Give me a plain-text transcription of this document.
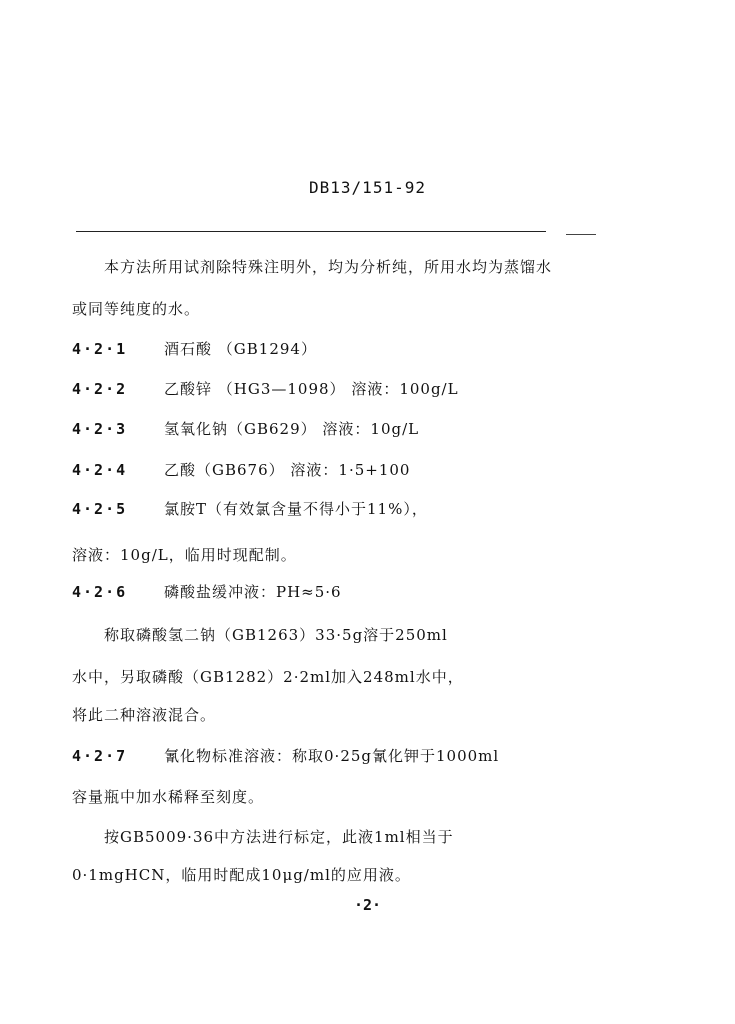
DB13/151-92
本方法所用试剂除特殊注明外，均为分析纯，所用水均为蒸馏水
或同等纯度的水。
4·2·1 酒石酸 （GB1294）
4·2·2 乙酸锌 （HG3—1098） 溶液：100g/L
4·2·3 氢氧化钠（GB629） 溶液：10g/L
4·2·4 乙酸（GB676） 溶液：1·5+100
4·2·5 氯胺T（有效氯含量不得小于11%），
溶液：10g/L，临用时现配制。
4·2·6 磷酸盐缓冲液：PH≈5·6
称取磷酸氢二钠（GB1263）33·5g溶于250ml
水中，另取磷酸（GB1282）2·2ml加入248ml水中，
将此二种溶液混合。
4·2·7 氰化物标准溶液：称取0·25g氰化钾于1000ml
容量瓶中加水稀释至刻度。
按GB5009·36中方法进行标定，此液1ml相当于
0·1mgHCN，临用时配成10μg/ml的应用液。
·2·
